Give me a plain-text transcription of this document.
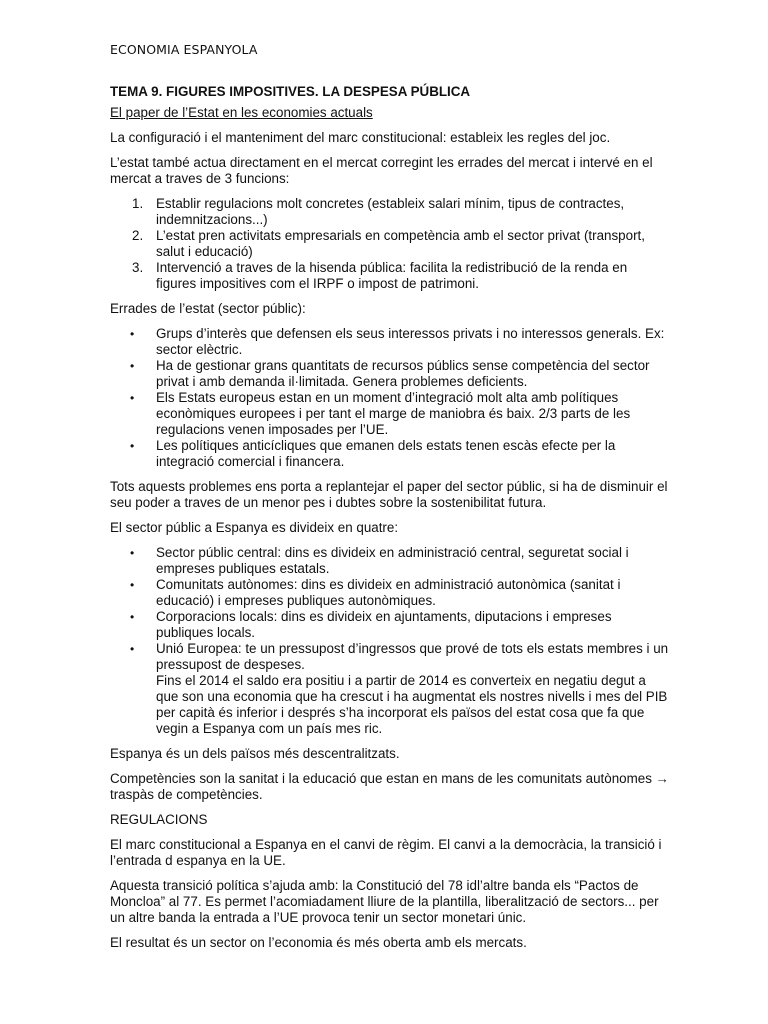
ECONOMIA ESPANYOLA
TEMA 9. FIGURES IMPOSITIVES. LA DESPESA PÚBLICA
El paper de l’Estat en les economies actuals

La configuració i el manteniment del marc constitucional: estableix les regles del joc.

L’estat també actua directament en el mercat corregint les errades del mercat i intervé en el mercat a traves de 3 funcions:

1. Establir regulacions molt concretes (estableix salari mínim, tipus de contractes, indemnitzacions...)
2. L’estat pren activitats empresarials en competència amb el sector privat (transport, salut i educació)
3. Intervenció a traves de la hisenda pública: facilita la redistribució de la renda en figures impositives com el IRPF o impost de patrimoni.

Errades de l’estat (sector públic):

• Grups d’interès que defensen els seus interessos privats i no interessos generals. Ex: sector elèctric.
• Ha de gestionar grans quantitats de recursos públics sense competència del sector privat i amb demanda il·limitada. Genera problemes deficients.
• Els Estats europeus estan en un moment d’integració molt alta amb polítiques econòmiques europees i per tant el marge de maniobra és baix. 2/3 parts de les regulacions venen imposades per l’UE.
• Les polítiques anticícliques que emanen dels estats tenen escàs efecte per la integració comercial i financera.

Tots aquests problemes ens porta a replantejar el paper del sector públic, si ha de disminuir el seu poder a traves de un menor pes i dubtes sobre la sostenibilitat futura.

El sector públic a Espanya es divideix en quatre:

• Sector públic central: dins es divideix en administració central, seguretat social i empreses publiques estatals.
• Comunitats autònomes: dins es divideix en administració autonòmica (sanitat i educació) i empreses publiques autonòmiques.
• Corporacions locals: dins es divideix en ajuntaments, diputacions i empreses publiques locals.
• Unió Europea: te un pressupost d’ingressos que prové de tots els estats membres i un pressupost de despeses.
Fins el 2014 el saldo era positiu i a partir de 2014 es converteix en negatiu degut a que son una economia que ha crescut i ha augmentat els nostres nivells i mes del PIB per capità és inferior i després s’ha incorporat els països del estat cosa que fa que vegin a Espanya com un país mes ric.

Espanya és un dels països més descentralitzats.

Competències son la sanitat i la educació que estan en mans de les comunitats autònomes → traspàs de competències.

REGULACIONS

El marc constitucional a Espanya en el canvi de règim. El canvi a la democràcia, la transició i l’entrada d espanya en la UE.

Aquesta transició política s’ajuda amb: la Constitució del 78 idl’altre banda els “Pactos de Moncloa” al 77. Es permet l’acomiadament lliure de la plantilla, liberalització de sectors... per un altre banda la entrada a l’UE provoca tenir un sector monetari únic.

El resultat és un sector on l’economia és més oberta amb els mercats.
